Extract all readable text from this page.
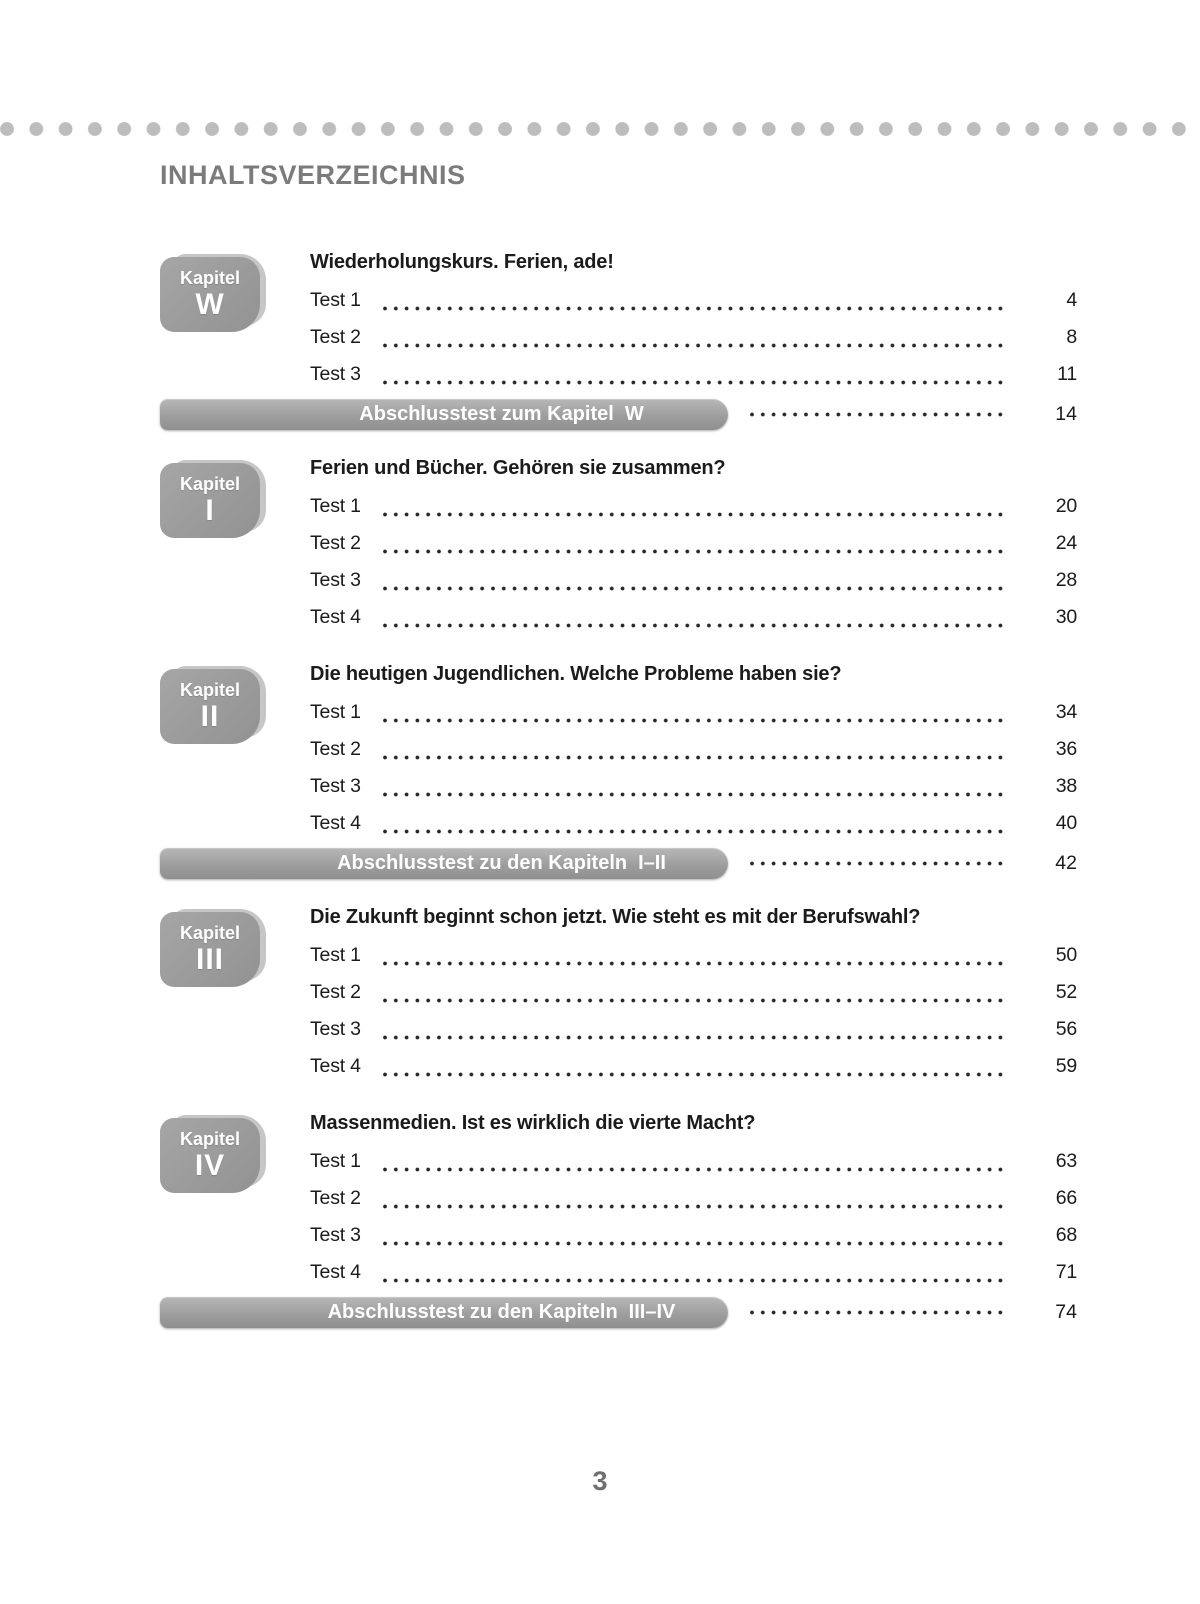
INHALTSVERZEICHNIS
Kapitel
W
Wiederholungskurs. Ferien, ade!
Test 1	4
Test 2	8
Test 3	11
Abschlusstest zum Kapitel W	14
Kapitel
I
Ferien und Bücher. Gehören sie zusammen?
Test 1	20
Test 2	24
Test 3	28
Test 4	30
Kapitel
II
Die heutigen Jugendlichen. Welche Probleme haben sie?
Test 1	34
Test 2	36
Test 3	38
Test 4	40
Abschlusstest zu den Kapiteln I–II	42
Kapitel
III
Die Zukunft beginnt schon jetzt. Wie steht es mit der Berufswahl?
Test 1	50
Test 2	52
Test 3	56
Test 4	59
Kapitel
IV
Massenmedien. Ist es wirklich die vierte Macht?
Test 1	63
Test 2	66
Test 3	68
Test 4	71
Abschlusstest zu den Kapiteln III–IV	74
3
